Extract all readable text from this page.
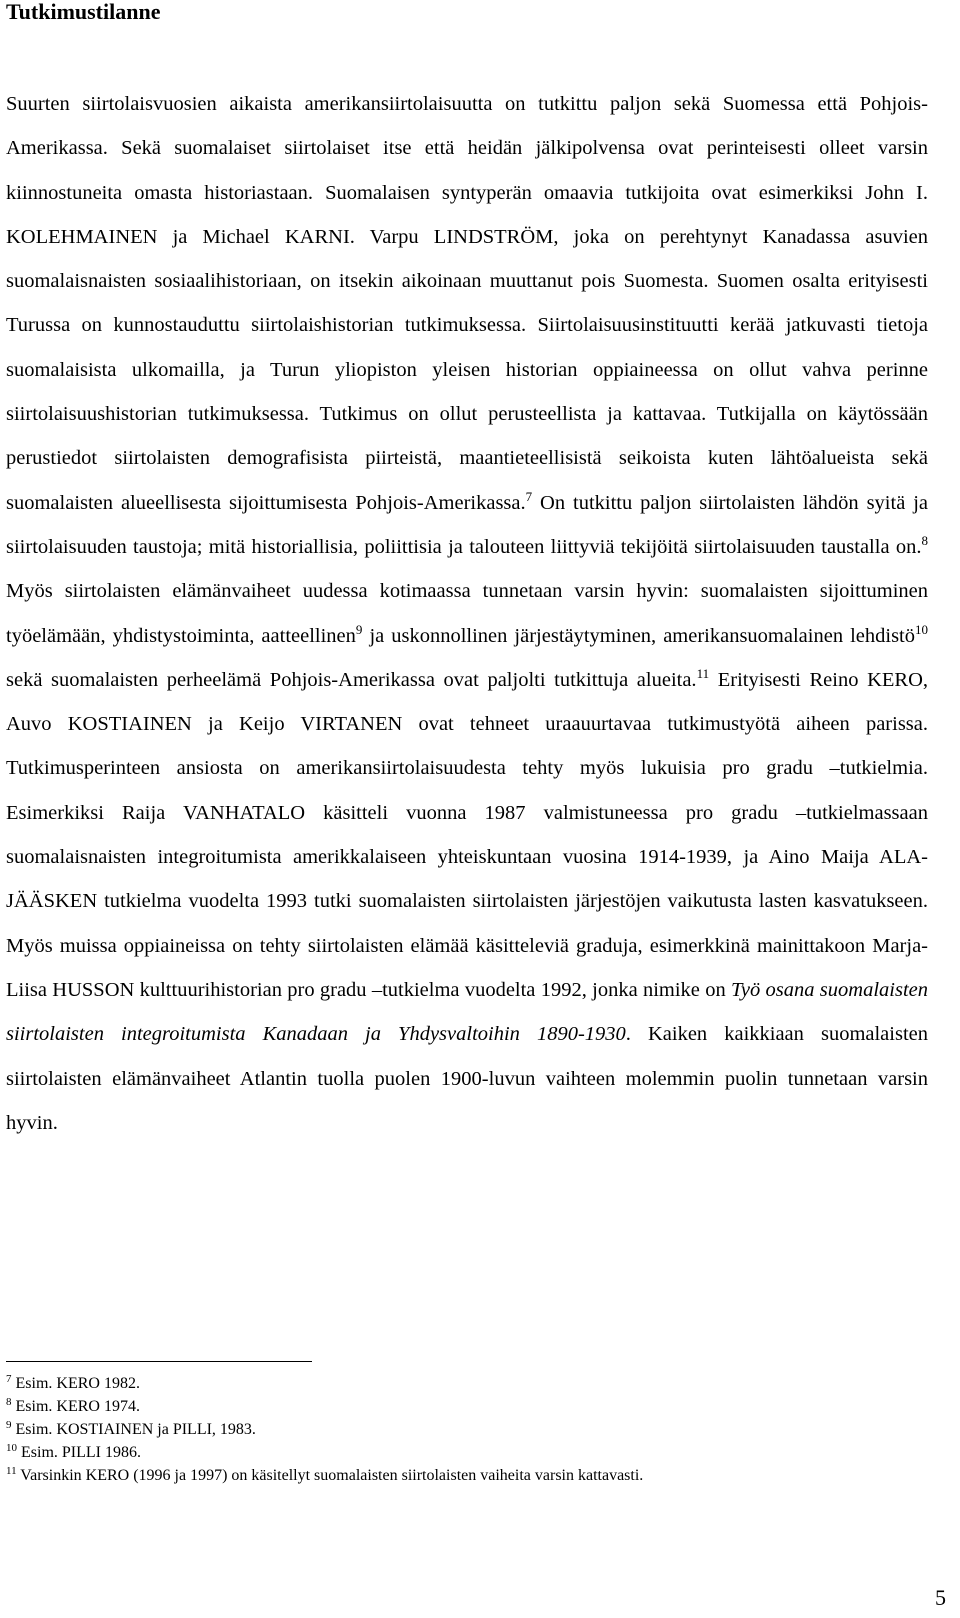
Tutkimustilanne

Suurten siirtolaisvuosien aikaista amerikansiirtolaisuutta on tutkittu paljon sekä Suomessa että Pohjois-Amerikassa. Sekä suomalaiset siirtolaiset itse että heidän jälkipolvensa ovat perinteisesti olleet varsin kiinnostuneita omasta historiastaan. Suomalaisen syntyperän omaavia tutkijoita ovat esimerkiksi John I. KOLEHMAINEN ja Michael KARNI. Varpu LINDSTRÖM, joka on perehtynyt Kanadassa asuvien suomalaisnaisten sosiaalihistoriaan, on itsekin aikoinaan muuttanut pois Suomesta. Suomen osalta erityisesti Turussa on kunnostauduttu siirtolaishistorian tutkimuksessa. Siirtolaisuusinstituutti kerää jatkuvasti tietoja suomalaisista ulkomailla, ja Turun yliopiston yleisen historian oppiaineessa on ollut vahva perinne siirtolaisuushistorian tutkimuksessa. Tutkimus on ollut perusteellista ja kattavaa. Tutkijalla on käytössään perustiedot siirtolaisten demografisista piirteistä, maantieteellisistä seikoista kuten lähtöalueista sekä suomalaisten alueellisesta sijoittumisesta Pohjois-Amerikassa.$^7$ On tutkittu paljon siirtolaisten lähdön syitä ja siirtolaisuuden taustoja; mitä historiallisia, poliittisia ja talouteen liittyviä tekijöitä siirtolaisuuden taustalla on.$^8$ Myös siirtolaisten elämänvaiheet uudessa kotimaassa tunnetaan varsin hyvin: suomalaisten sijoittuminen työelämään, yhdistystoiminta, aatteellinen$^9$ ja uskonnollinen järjestäytyminen, amerikansuomalainen lehdistö$^{10}$ sekä suomalaisten perheelämä Pohjois-Amerikassa ovat paljolti tutkittuja alueita.$^{11}$ Erityisesti Reino KERO, Auvo KOSTIAINEN ja Keijo VIRTANEN ovat tehneet uraauurtavaa tutkimustyötä aiheen parissa. Tutkimusperinteen ansiosta on amerikansiirtolaisuudesta tehty myös lukuisia pro gradu –tutkielmia. Esimerkiksi Raija VANHATALO käsitteli vuonna 1987 valmistuneessa pro gradu –tutkielmassaan suomalaisnaisten integroitumista amerikkalaiseen yhteiskuntaan vuosina 1914-1939, ja Aino Maija ALA-JÄÄSKEN tutkielma vuodelta 1993 tutki suomalaisten siirtolaisten järjestöjen vaikutusta lasten kasvatukseen. Myös muissa oppiaineissa on tehty siirtolaisten elämää käsitteleviä graduja, esimerkkinä mainittakoon Marja-Liisa HUSSON kulttuurihistorian pro gradu –tutkielma vuodelta 1992, jonka nimike on Työ osana suomalaisten siirtolaisten integroitumista Kanadaan ja Yhdysvaltoihin 1890-1930. Kaiken kaikkiaan suomalaisten siirtolaisten elämänvaiheet Atlantin tuolla puolen 1900-luvun vaihteen molemmin puolin tunnetaan varsin hyvin.

$^7$ Esim. KERO 1982.
$^8$ Esim. KERO 1974.
$^9$ Esim. KOSTIAINEN ja PILLI, 1983.
$^{10}$ Esim. PILLI 1986.
$^{11}$ Varsinkin KERO (1996 ja 1997) on käsitellyt suomalaisten siirtolaisten vaiheita varsin kattavasti.
5
